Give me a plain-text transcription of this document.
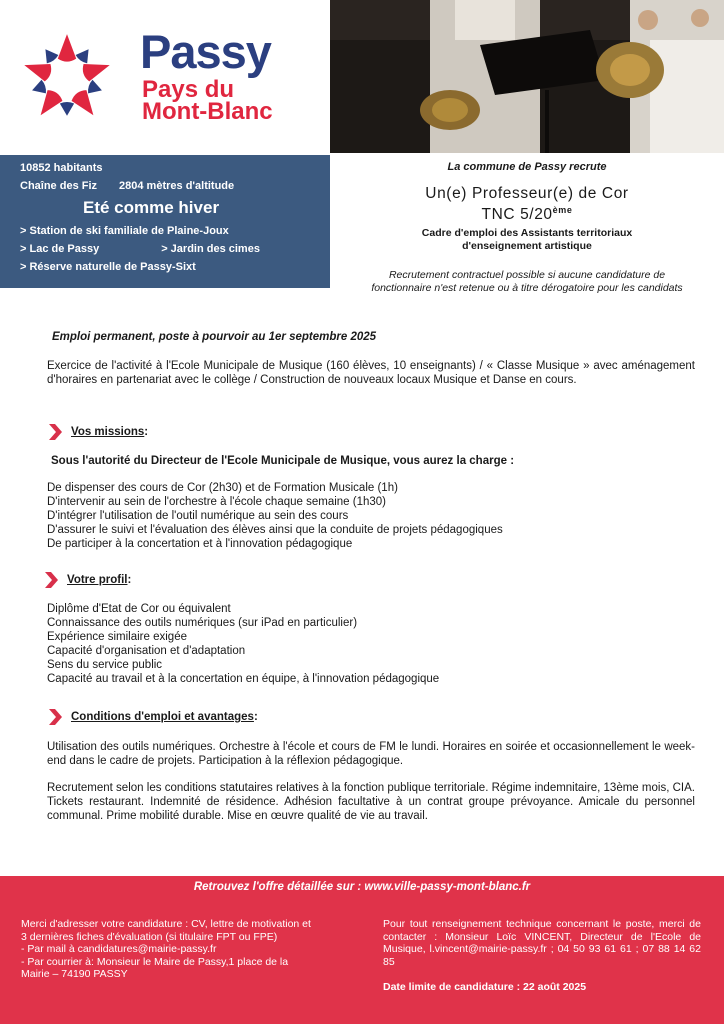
Passy
Pays du
Mont-Blanc
10852 habitants
Chaîne des Fiz 2804 mètres d'altitude
Eté comme hiver
> Station de ski familiale de Plaine-Joux
> Lac de Passy	> Jardin des cimes
> Réserve naturelle de Passy-Sixt
La commune de Passy recrute
Un(e) Professeur(e) de Cor
TNC 5/20ème
Cadre d'emploi des Assistants territoriaux
d'enseignement artistique
Recrutement contractuel possible si aucune candidature de
fonctionnaire n'est retenue ou à titre dérogatoire pour les candidats
Emploi permanent, poste à pourvoir au 1er septembre 2025
Exercice de l'activité à l'Ecole Municipale de Musique (160 élèves, 10 enseignants) / « Classe Musique » avec aménagement d'horaires en partenariat avec le collège / Construction de nouveaux locaux Musique et Danse en cours.
Vos missions :
Sous l'autorité du Directeur de l'Ecole Municipale de Musique, vous aurez la charge :
De dispenser des cours de Cor (2h30) et de Formation Musicale (1h)
D'intervenir au sein de l'orchestre à l'école chaque semaine (1h30)
D'intégrer l'utilisation de l'outil numérique au sein des cours
D'assurer le suivi et l'évaluation des élèves ainsi que la conduite de projets pédagogiques
De participer à la concertation et à l'innovation pédagogique
Votre profil :
Diplôme d'Etat de Cor ou équivalent
Connaissance des outils numériques (sur iPad en particulier)
Expérience similaire exigée
Capacité d'organisation et d'adaptation
Sens du service public
Capacité au travail et à la concertation en équipe, à l'innovation pédagogique
Conditions d'emploi et avantages :
Utilisation des outils numériques. Orchestre à l'école et cours de FM le lundi. Horaires en soirée et occasionnellement le week-end dans le cadre de projets. Participation à la réflexion pédagogique.
Recrutement selon les conditions statutaires relatives à la fonction publique territoriale. Régime indemnitaire, 13ème mois, CIA. Tickets restaurant. Indemnité de résidence. Adhésion facultative à un contrat groupe prévoyance. Amicale du personnel communal. Prime mobilité durable. Mise en œuvre qualité de vie au travail.
Retrouvez l'offre détaillée sur : www.ville-passy-mont-blanc.fr
Merci d'adresser votre candidature : CV, lettre de motivation et
3 dernières fiches d'évaluation (si titulaire FPT ou FPE)
- Par mail à candidatures@mairie-passy.fr
- Par courrier à: Monsieur le Maire de Passy,1 place de la
Mairie – 74190 PASSY
Pour tout renseignement technique concernant le poste, merci de contacter : Monsieur Loïc VINCENT, Directeur de l'Ecole de Musique, l.vincent@mairie-passy.fr ; 04 50 93 61 61 ; 07 88 14 62 85
Date limite de candidature : 22 août 2025
